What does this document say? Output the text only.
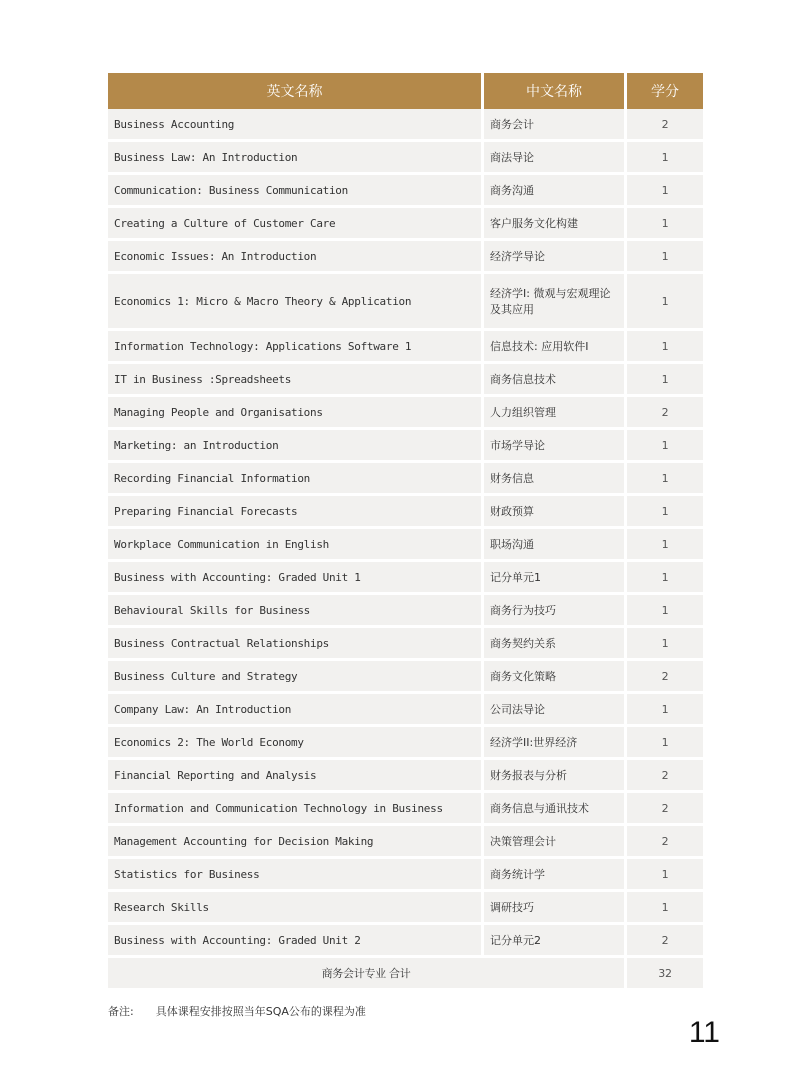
英文名称	中文名称	学分
Business Accounting	商务会计	2
Business Law: An Introduction	商法导论	1
Communication: Business Communication	商务沟通	1
Creating a Culture of Customer Care	客户服务文化构建	1
Economic Issues: An Introduction	经济学导论	1
Economics 1: Micro & Macro Theory & Application	经济学I: 微观与宏观理论及其应用	1
Information Technology: Applications Software 1	信息技术: 应用软件I	1
IT in Business :Spreadsheets	商务信息技术	1
Managing People and Organisations	人力组织管理	2
Marketing: an Introduction	市场学导论	1
Recording Financial Information	财务信息	1
Preparing Financial Forecasts	财政预算	1
Workplace Communication in English	职场沟通	1
Business with Accounting: Graded Unit 1	记分单元1	1
Behavioural Skills for Business	商务行为技巧	1
Business Contractual Relationships	商务契约关系	1
Business Culture and Strategy	商务文化策略	2
Company Law: An Introduction	公司法导论	1
Economics 2: The World Economy	经济学II:世界经济	1
Financial Reporting and Analysis	财务报表与分析	2
Information and Communication Technology in Business	商务信息与通讯技术	2
Management Accounting for Decision Making	决策管理会计	2
Statistics for Business	商务统计学	1
Research Skills	调研技巧	1
Business with Accounting: Graded Unit 2	记分单元2	2
商务会计专业 合计		32
备注: 具体课程安排按照当年SQA公布的课程为准
11
